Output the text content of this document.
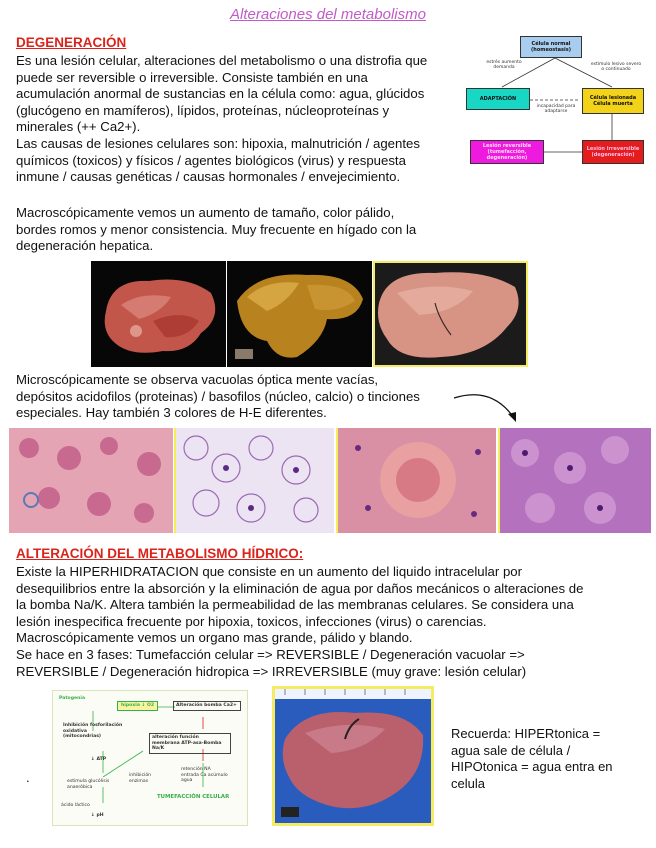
Alteraciones del metabolismo
DEGENERACIÓN
Es una lesión celular, alteraciones del metabolismo o una distrofia que
puede ser reversible o irreversible. Consiste también en una
acumulación anormal de sustancias en la célula como: agua, glúcidos
(glucógeno en mamíferos), lípidos, proteínas, núcleoproteínas y
minerales (++ Ca2+).
Las causas de lesiones celulares son: hipoxia, malnutrición / agentes
químicos (toxicos) y físicos / agentes biológicos (virus) y respuesta
inmune / causas genéticas / causas hormonales / envejecimiento.
Macroscópicamente vemos un aumento de tamaño, color pálido,
bordes romos y menor consistencia. Muy frecuente en hígado con la
degeneración hepatica.
Célula normal (homeostasis)
estrés aumento demanda
estímulo lesivo severo o continuado
ADAPTACIÓN
incapacidad para adaptarse
Célula lesionada Célula muerta
Lesión irreversible (degeneración)
Lesión reversible (tumefacción, degeneración)
Microscópicamente se observa vacuolas óptica mente vacías,
depósitos acidofilos (proteinas) / basofilos (núcleo, calcio) o tinciones
especiales. Hay también 3 colores de H-E diferentes.
ALTERACIÓN DEL METABOLISMO HÍDRICO:
Existe la HIPERHIDRATACION que consiste en un aumento del liquido intracelular por
desequilibrios entre la absorción y la eliminación de agua por daños mecánicos o alteraciones de
la bomba Na/K. Altera también la permeabilidad de las membranas celulares. Se considera una
lesión inespecifica frecuente por hipoxia, toxicos, infecciones (virus) o carencias.
Macroscópicamente vemos un organo mas grande, pálido y blando.
Se hace en 3 fases: Tumefacción celular => REVERSIBLE / Degeneración vacuolar =>
REVERSIBLE / Degeneración hidropica => IRREVERSIBLE (muy grave: lesión celular)
.
Patogenia
hipoxia ↓ O2	Alteración bomba Ca2+
Inhibición fosforilación oxidativa (mitocondrias)	alteración función membrana ATP-asa-Bomba Na/K
↓ ATP
estimula glucólisis anaeróbica
inhibición enzimas
retención NA entrada Ca acúmulo agua
ácido láctico
↓ pH
TUMEFACCIÓN CELULAR
Recuerda: HIPERtonica =
agua sale de célula /
HIPOtonica = agua entra en
celula
